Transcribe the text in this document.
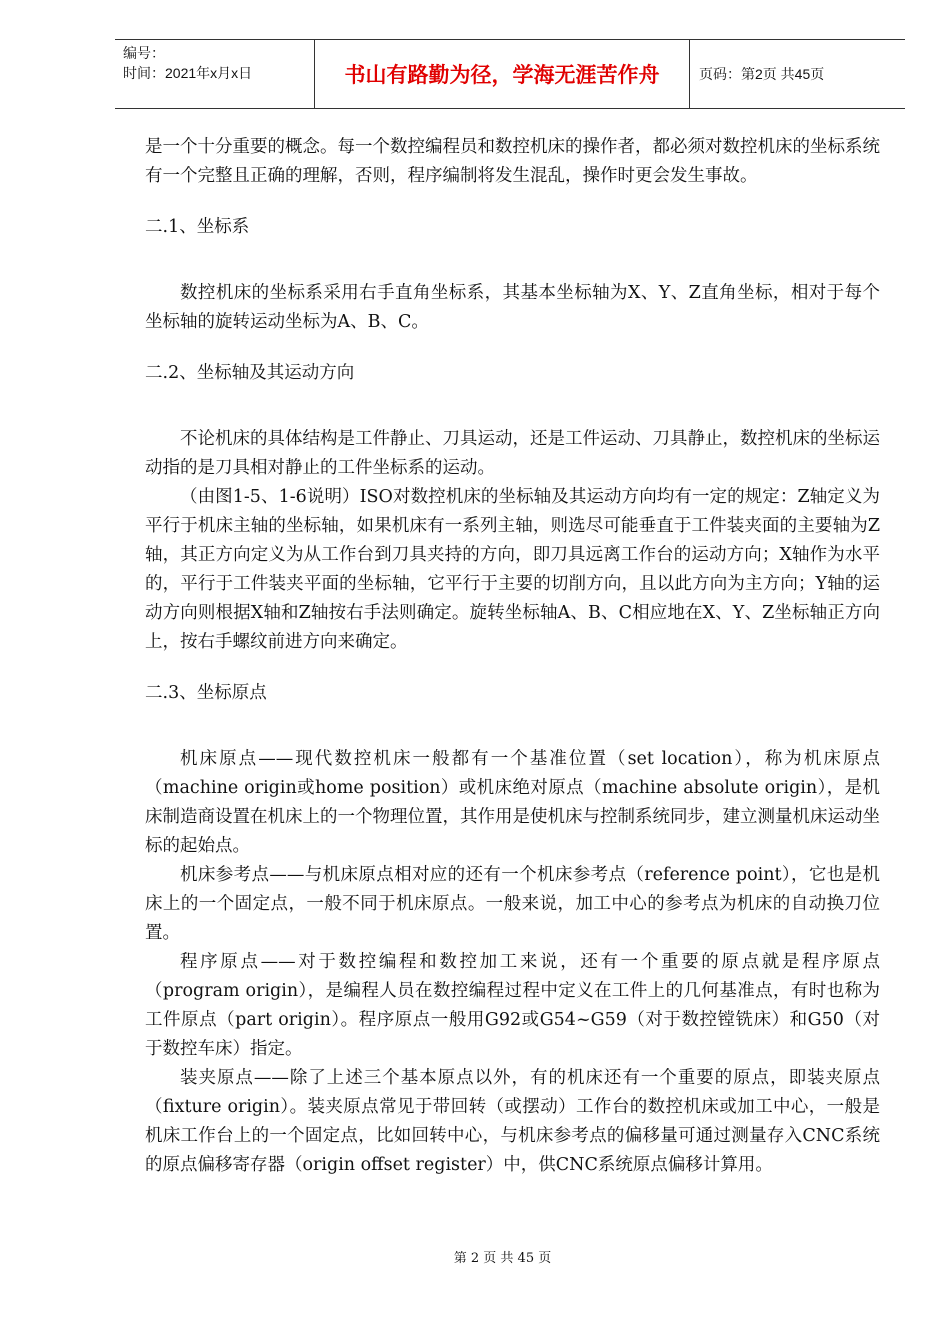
编号：
时间：2021年x月x日	书山有路勤为径，学海无涯苦作舟	页码：第2页 共45页

是一个十分重要的概念。每一个数控编程员和数控机床的操作者，都必须对数控机床的坐标系统有一个完整且正确的理解，否则，程序编制将发生混乱，操作时更会发生事故。

二.1、坐标系

数控机床的坐标系采用右手直角坐标系，其基本坐标轴为X、Y、Z直角坐标，相对于每个坐标轴的旋转运动坐标为A、B、C。

二.2、坐标轴及其运动方向

不论机床的具体结构是工件静止、刀具运动，还是工件运动、刀具静止，数控机床的坐标运动指的是刀具相对静止的工件坐标系的运动。

（由图1-5、1-6说明）ISO对数控机床的坐标轴及其运动方向均有一定的规定：Z轴定义为平行于机床主轴的坐标轴，如果机床有一系列主轴，则选尽可能垂直于工件装夹面的主要轴为Z轴，其正方向定义为从工作台到刀具夹持的方向，即刀具远离工作台的运动方向；X轴作为水平的，平行于工件装夹平面的坐标轴，它平行于主要的切削方向，且以此方向为主方向；Y轴的运动方向则根据X轴和Z轴按右手法则确定。旋转坐标轴A、B、C相应地在X、Y、Z坐标轴正方向上，按右手螺纹前进方向来确定。

二.3、坐标原点

机床原点——现代数控机床一般都有一个基准位置（set location），称为机床原点（machine origin或home position）或机床绝对原点（machine absolute origin），是机床制造商设置在机床上的一个物理位置，其作用是使机床与控制系统同步，建立测量机床运动坐标的起始点。

机床参考点——与机床原点相对应的还有一个机床参考点（reference point），它也是机床上的一个固定点，一般不同于机床原点。一般来说，加工中心的参考点为机床的自动换刀位置。

程序原点——对于数控编程和数控加工来说，还有一个重要的原点就是程序原点（program origin），是编程人员在数控编程过程中定义在工件上的几何基准点，有时也称为工件原点（part origin）。程序原点一般用G92或G54~G59（对于数控镗铣床）和G50（对于数控车床）指定。

装夹原点——除了上述三个基本原点以外，有的机床还有一个重要的原点，即装夹原点（fixture origin）。装夹原点常见于带回转（或摆动）工作台的数控机床或加工中心，一般是机床工作台上的一个固定点，比如回转中心，与机床参考点的偏移量可通过测量存入CNC系统的原点偏移寄存器（origin offset register）中，供CNC系统原点偏移计算用。

第 2 页 共 45 页
